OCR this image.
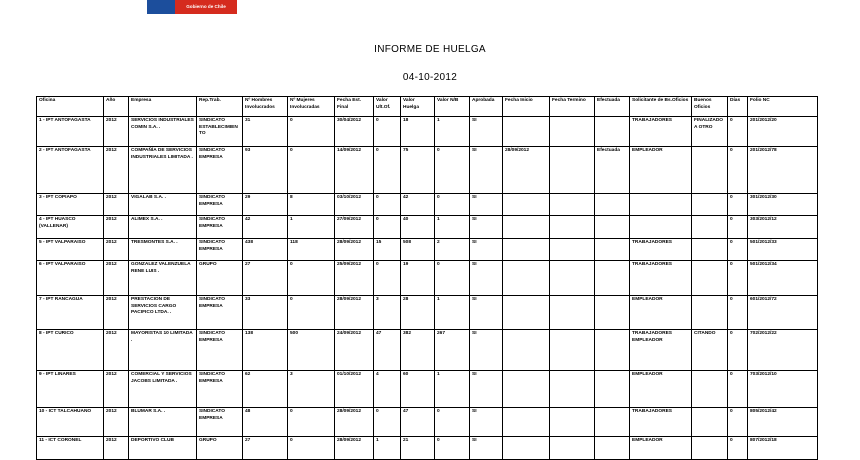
Gobierno de Chile
INFORME DE HUELGA
04-10-2012
Oficina	Año	Empresa	Rep.Trab.	Nº Hombres Involucrados	Nº Mujeres Involucradas	Fecha Est. Final	Valor Ult.Of.	Valor Huelga	Valor N/B	Aprobada	Fecha Inicio	Fecha Termino	Efectuada	Solicitante de Bs.Oficios	Buenos Oficios	Días	Folio NC
1 - IPT ANTOFAGASTA	2012	SERVICIOS INDUSTRIALES COMIN S.A. .	SINDICATO ESTABLECIMIENTO	31	0	30/04/2012	0	18	1	SI				TRABAJADORES	FINALIZADO A OTRO	0	201/2012/20
2 - IPT ANTOFAGASTA	2012	COMPAÑÍA DE SERVICIOS INDUSTRIALES LIMITADA .	SINDICATO EMPRESA	93	0	14/09/2012	0	75	0	SI	28/09/2012		Efectuada	EMPLEADOR		0	201/2012/78
3 - IPT COPIAPO	2012	VIGALAB S.A. .	SINDICATO EMPRESA	29	8	03/10/2012	0	42	0	SI						0	301/2012/30
4 - IPT HUASCO (VALLENAR)	2012	ALIMEX S.A. .	SINDICATO EMPRESA	42	1	27/09/2012	0	40	1	SI						0	303/2012/12
5 - IPT VALPARAISO	2012	TRESMONTES S.A. .	SINDICATO EMPRESA	438	118	28/09/2012	15	508	2	SI				TRABAJADORES		0	501/2012/33
6 - IPT VALPARAISO	2012	GONZALEZ VALENZUELA RENE LUIS .	GRUPO	27	0	25/09/2012	0	19	0	SI				TRABAJADORES		0	501/2012/34
7 - IPT RANCAGUA	2012	PRESTACION DE SERVICIOS CARGO PACIFICO LTDA. .	SINDICATO EMPRESA	33	0	28/09/2012	3	28	1	SI				EMPLEADOR		0	601/2012/72
8 - IPT CURICO	2012	MAYORISTAS 10 LIMITADA .	SINDICATO EMPRESA	138	500	24/09/2012	47	382	267	SI				TRABAJADORES EMPLEADOR	CITANDO	0	702/2012/22
9 - IPT LINARES	2012	COMERCIAL Y SERVICIOS JACOBS LIMITADA .	SINDICATO EMPRESA	62	3	01/10/2012	4	60	1	SI				EMPLEADOR		0	703/2012/10
10 - ICT TALCAHUANO	2012	BLUMAR S.A. .	SINDICATO EMPRESA	48	0	28/09/2012	0	47	0	SI				TRABAJADORES		0	805/2012/42
11 - ICT CORONEL	2012	DEPORTIVO CLUB	GRUPO	27	0	28/09/2012	1	21	0	SI				EMPLEADOR		0	807/2012/18
